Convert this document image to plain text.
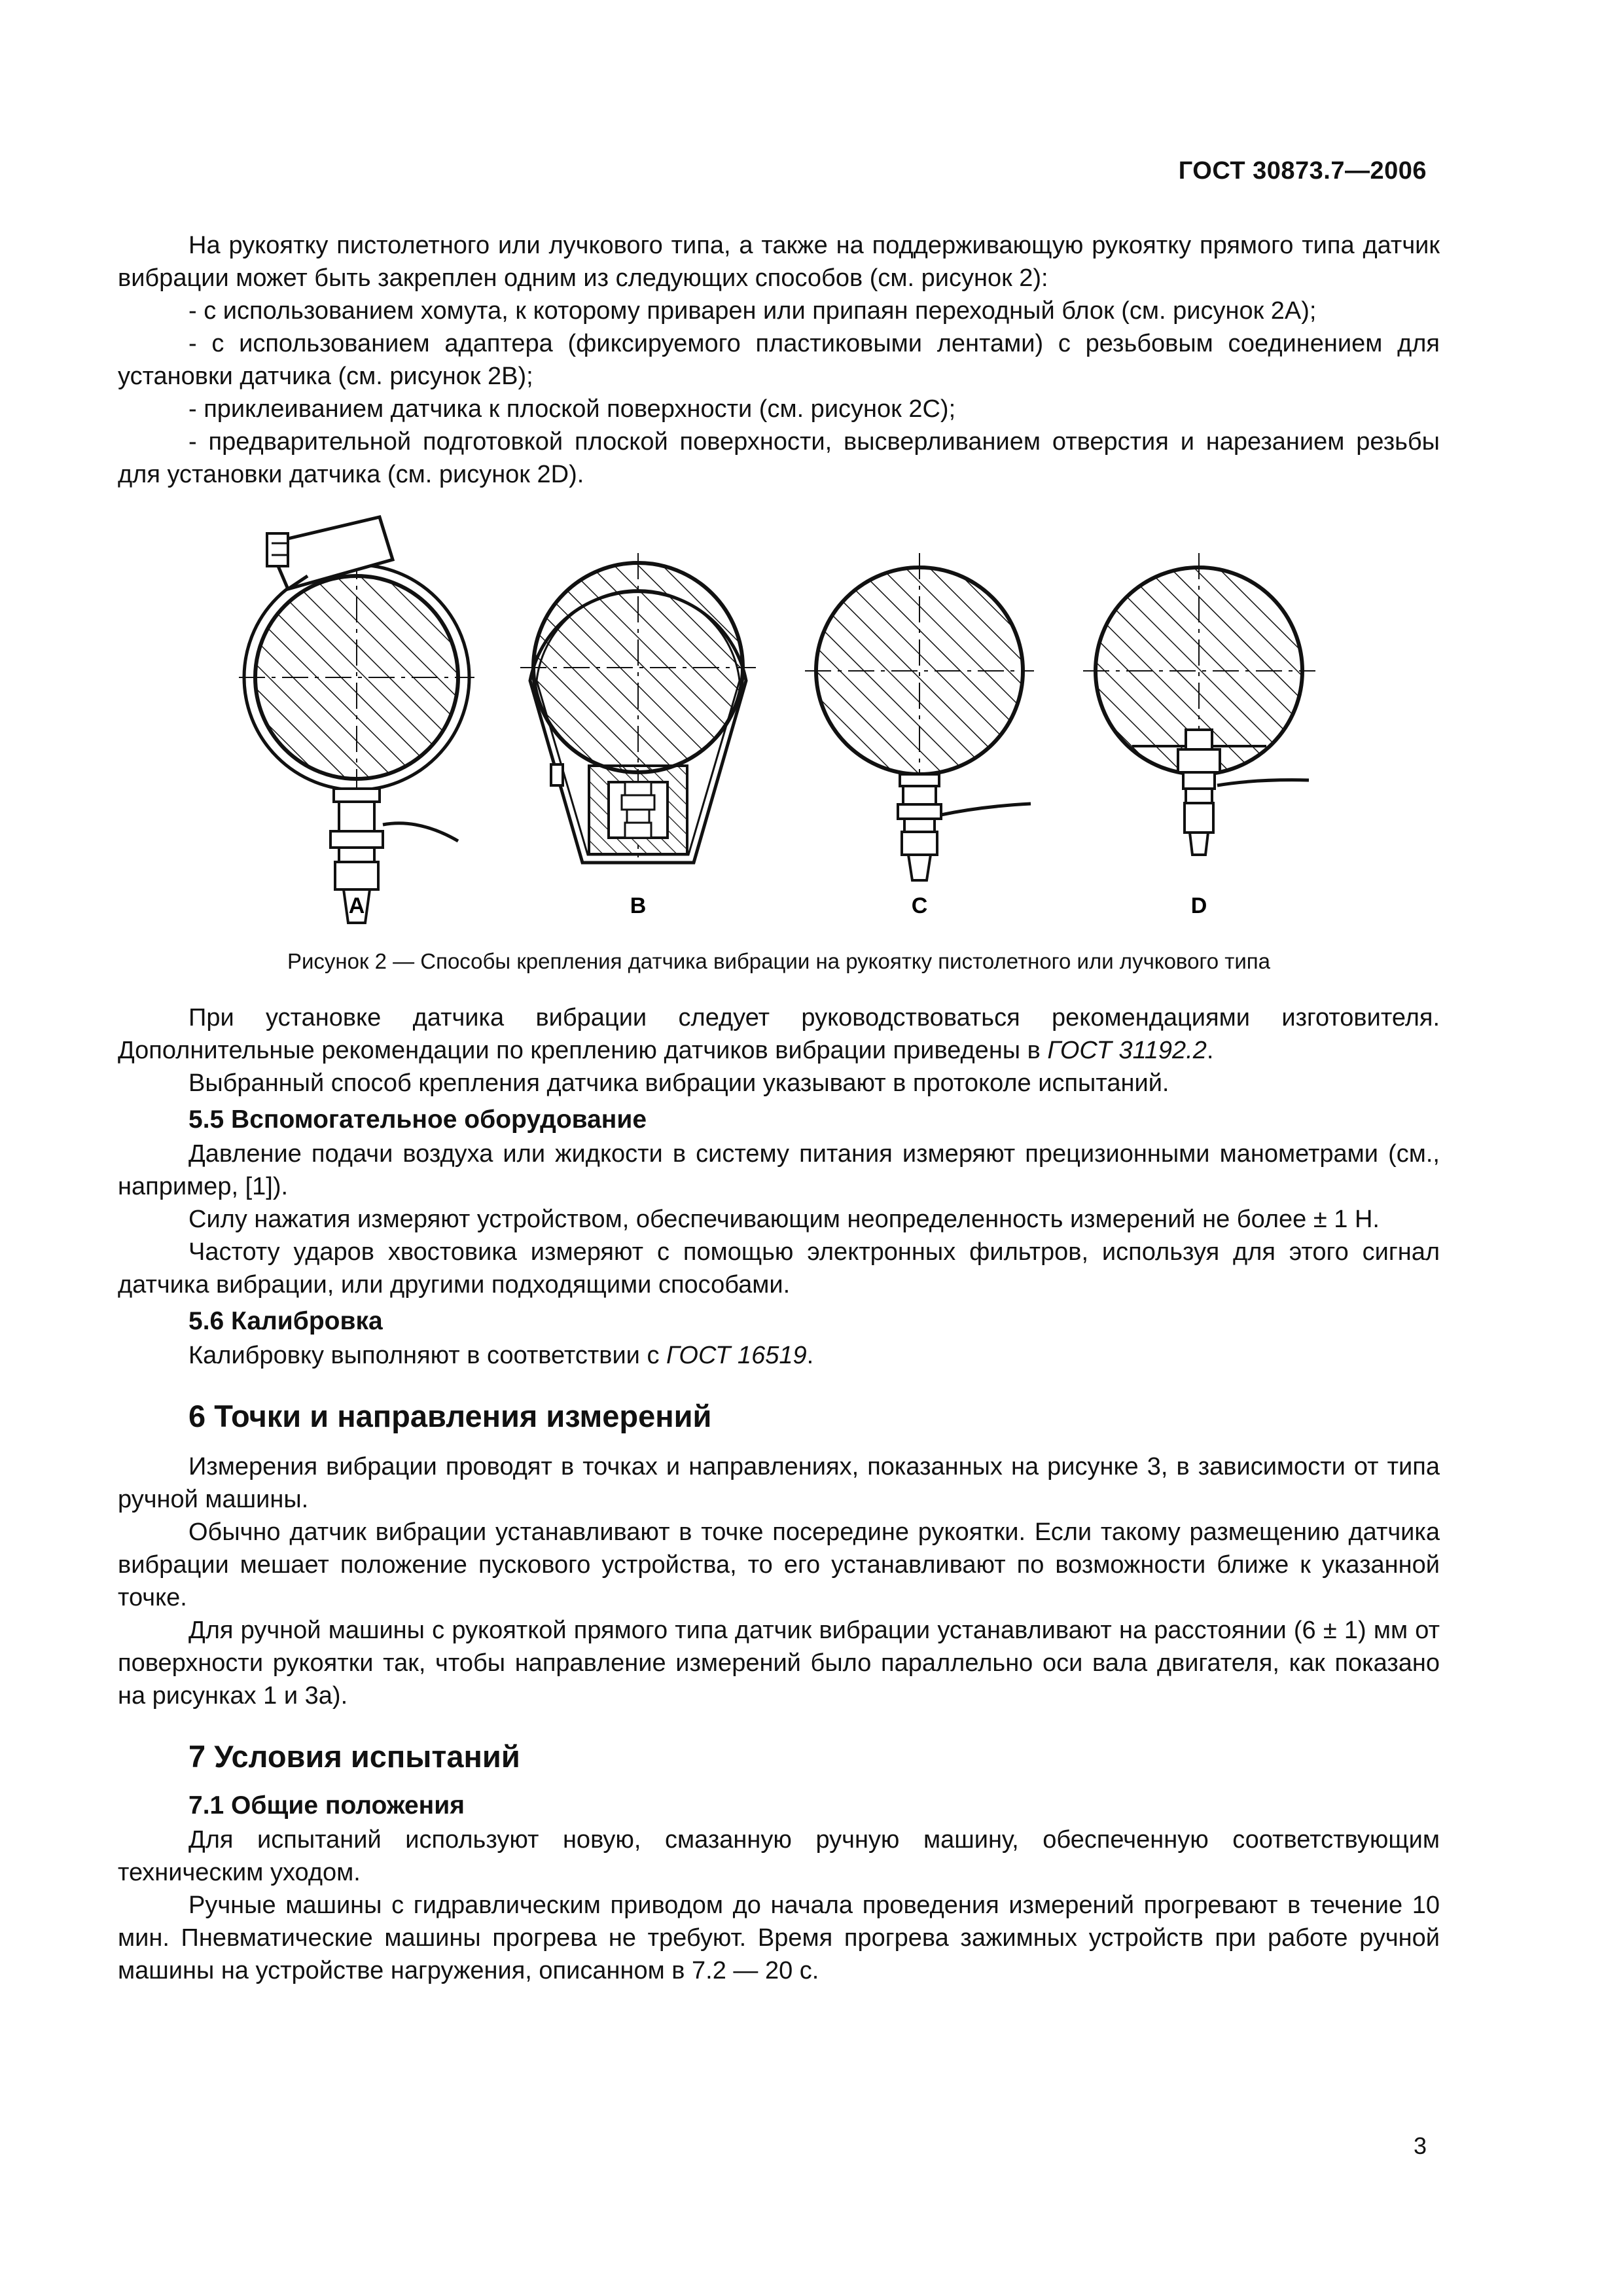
ГОСТ 30873.7—2006

На рукоятку пистолетного или лучкового типа, а также на поддерживающую рукоятку прямого типа датчик вибрации может быть закреплен одним из следующих способов (см. рисунок 2):

- с использованием хомута, к которому приварен или припаян переходный блок (см. рисунок 2А);

- с использованием адаптера (фиксируемого пластиковыми лентами) с резьбовым соединением для установки датчика (см. рисунок 2В);

- приклеиванием датчика к плоской поверхности (см. рисунок 2С);

- предварительной подготовкой плоской поверхности, высверливанием отверстия и нарезанием резьбы для установки датчика (см. рисунок 2D).

A	B	C	D
Рисунок 2 — Способы крепления датчика вибрации на рукоятку пистолетного или лучкового типа

При установке датчика вибрации следует руководствоваться рекомендациями изготовителя. Дополнительные рекомендации по креплению датчиков вибрации приведены в ГОСТ 31192.2.

Выбранный способ крепления датчика вибрации указывают в протоколе испытаний.

5.5 Вспомогательное оборудование

Давление подачи воздуха или жидкости в систему питания измеряют прецизионными манометрами (см., например, [1]).

Силу нажатия измеряют устройством, обеспечивающим неопределенность измерений не более ± 1 Н.

Частоту ударов хвостовика измеряют с помощью электронных фильтров, используя для этого сигнал датчика вибрации, или другими подходящими способами.

5.6 Калибровка

Калибровку выполняют в соответствии с ГОСТ 16519.

6 Точки и направления измерений

Измерения вибрации проводят в точках и направлениях, показанных на рисунке 3, в зависимости от типа ручной машины.

Обычно датчик вибрации устанавливают в точке посередине рукоятки. Если такому размещению датчика вибрации мешает положение пускового устройства, то его устанавливают по возможности ближе к указанной точке.

Для ручной машины с рукояткой прямого типа датчик вибрации устанавливают на расстоянии (6 ± 1) мм от поверхности рукоятки так, чтобы направление измерений было параллельно оси вала двигателя, как показано на рисунках 1 и 3а).

7 Условия испытаний

7.1 Общие положения

Для испытаний используют новую, смазанную ручную машину, обеспеченную соответствующим техническим уходом.

Ручные машины с гидравлическим приводом до начала проведения измерений прогревают в течение 10 мин. Пневматические машины прогрева не требуют. Время прогрева зажимных устройств при работе ручной машины на устройстве нагружения, описанном в 7.2 — 20 с.

3
